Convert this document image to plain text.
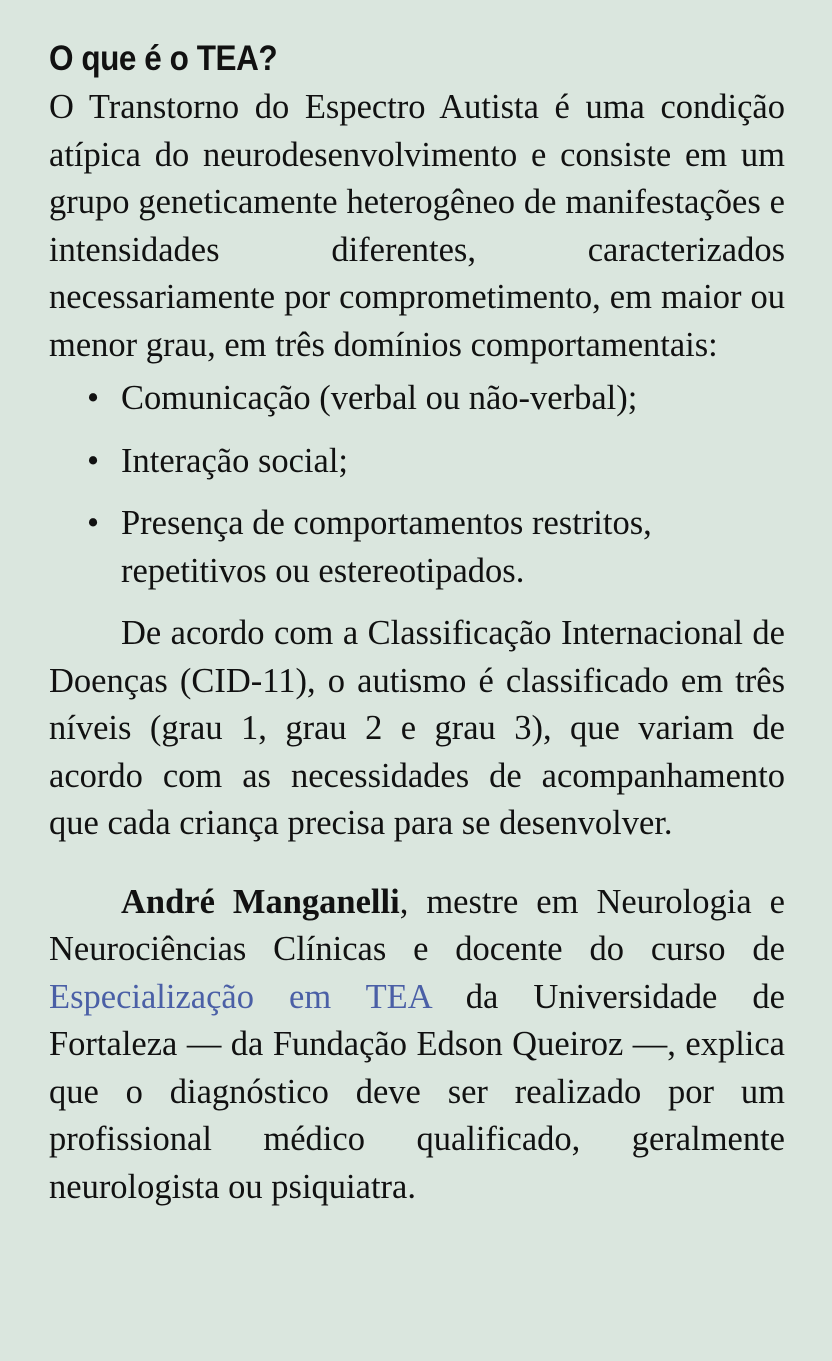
O que é o TEA?

O Transtorno do Espectro Autista é uma condição atípica do neurodesenvolvimento e consiste em um grupo geneticamente heterogêneo de manifestações e intensidades diferentes, caracterizados necessariamente por comprometimento, em maior ou menor grau, em três domínios comportamentais:

• Comunicação (verbal ou não-verbal);
• Interação social;
• Presença de comportamentos restritos, repetitivos ou estereotipados.

De acordo com a Classificação Internacional de Doenças (CID-11), o autismo é classificado em três níveis (grau 1, grau 2 e grau 3), que variam de acordo com as necessidades de acompanhamento que cada criança precisa para se desenvolver.

André Manganelli, mestre em Neurologia e Neurociências Clínicas e docente do curso de Especialização em TEA da Universidade de Fortaleza — da Fundação Edson Queiroz —, explica que o diagnóstico deve ser realizado por um profissional médico qualificado, geralmente neurologista ou psiquiatra.
